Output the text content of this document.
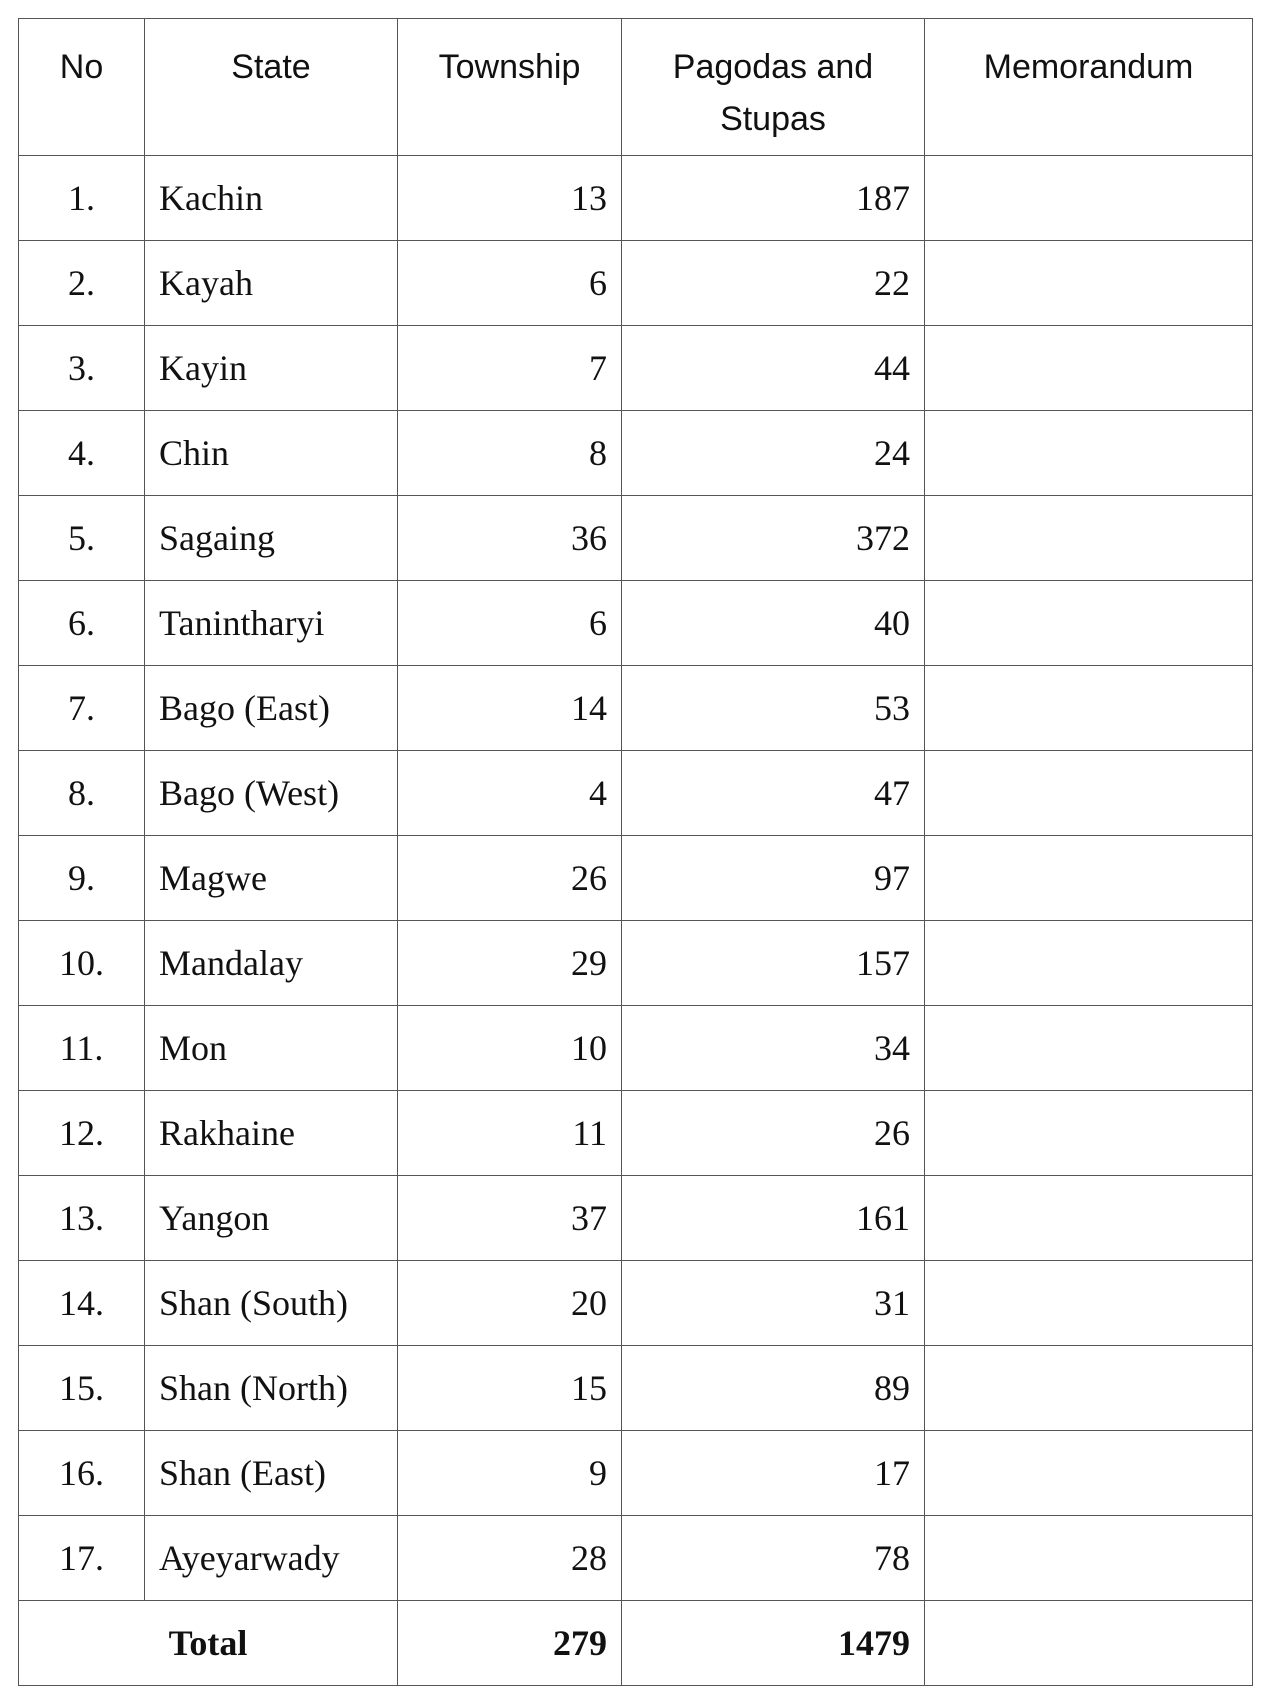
No	State	Township	Pagodas and Stupas	Memorandum
1.	Kachin	13	187	
2.	Kayah	6	22	
3.	Kayin	7	44	
4.	Chin	8	24	
5.	Sagaing	36	372	
6.	Tanintharyi	6	40	
7.	Bago (East)	14	53	
8.	Bago (West)	4	47	
9.	Magwe	26	97	
10.	Mandalay	29	157	
11.	Mon	10	34	
12.	Rakhaine	11	26	
13.	Yangon	37	161	
14.	Shan (South)	20	31	
15.	Shan (North)	15	89	
16.	Shan (East)	9	17	
17.	Ayeyarwady	28	78	
Total		279	1479	
